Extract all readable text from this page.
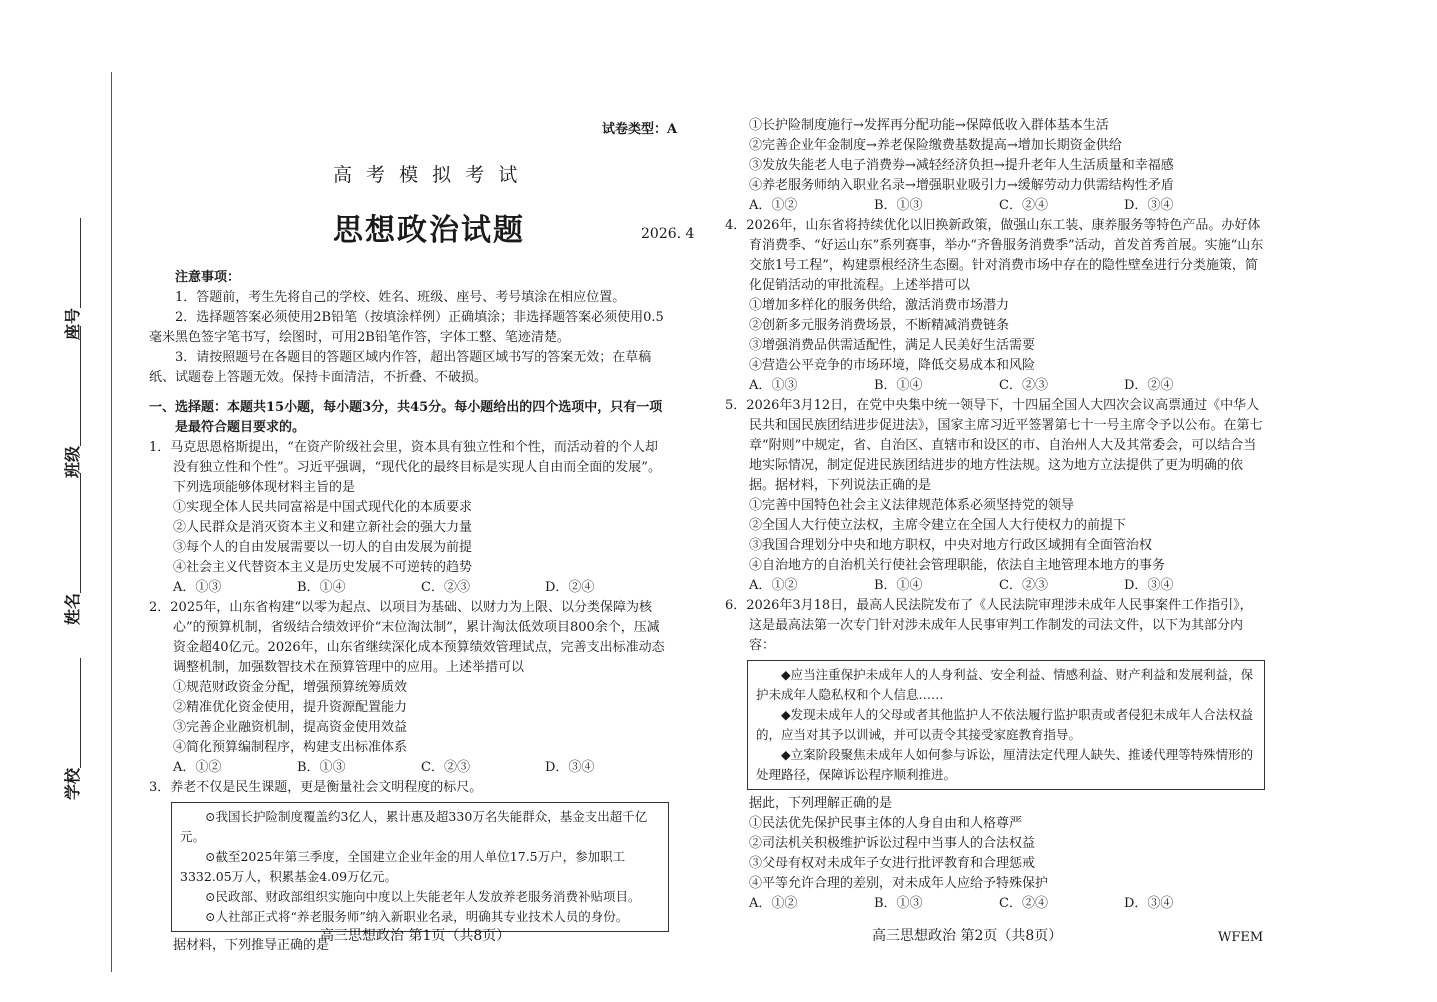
学校
姓名
班级
座号
试卷类型：A
高 考 模 拟 考 试
思想政治试题	2026. 4

注意事项：

1．答题前，考生先将自己的学校、姓名、班级、座号、考号填涂在相应位置。

2．选择题答案必须使用2B铅笔（按填涂样例）正确填涂；非选择题答案必须使用0.5毫米黑色签字笔书写，绘图时，可用2B铅笔作答，字体工整、笔迹清楚。

3．请按照题号在各题目的答题区域内作答，超出答题区域书写的答案无效；在草稿纸、试题卷上答题无效。保持卡面清洁，不折叠、不破损。

一、选择题：本题共15小题，每小题3分，共45分。每小题给出的四个选项中，只有一项是最符合题目要求的。

1．马克思恩格斯提出，“在资产阶级社会里，资本具有独立性和个性，而活动着的个人却没有独立性和个性”。习近平强调，“现代化的最终目标是实现人自由而全面的发展”。下列选项能够体现材料主旨的是

①实现全体人民共同富裕是中国式现代化的本质要求

②人民群众是消灭资本主义和建立新社会的强大力量

③每个人的自由发展需要以一切人的自由发展为前提

④社会主义代替资本主义是历史发展不可逆转的趋势

A．①③	B．①④	C．②③	D．②④

2．2025年，山东省构建“以零为起点、以项目为基础、以财力为上限、以分类保障为核心”的预算机制，省级结合绩效评价“末位淘汰制”，累计淘汰低效项目800余个，压减资金超40亿元。2026年，山东省继续深化成本预算绩效管理试点，完善支出标准动态调整机制，加强数智技术在预算管理中的应用。上述举措可以

①规范财政资金分配，增强预算统筹质效

②精准优化资金使用，提升资源配置能力

③完善企业融资机制，提高资金使用效益

④简化预算编制程序，构建支出标准体系

A．①②	B．①③	C．②③	D．③④

3．养老不仅是民生课题，更是衡量社会文明程度的标尺。

⊙我国长护险制度覆盖约3亿人，累计惠及超330万名失能群众，基金支出超千亿元。

⊙截至2025年第三季度，全国建立企业年金的用人单位17.5万户，参加职工3332.05万人，积累基金4.09万亿元。

⊙民政部、财政部组织实施向中度以上失能老年人发放养老服务消费补贴项目。

⊙人社部正式将“养老服务师”纳入新职业名录，明确其专业技术人员的身份。

据材料，下列推导正确的是

高三思想政治 第1页（共8页）

①长护险制度施行→发挥再分配功能→保障低收入群体基本生活

②完善企业年金制度→养老保险缴费基数提高→增加长期资金供给

③发放失能老人电子消费券→减轻经济负担→提升老年人生活质量和幸福感

④养老服务师纳入职业名录→增强职业吸引力→缓解劳动力供需结构性矛盾

A．①②	B．①③	C．②④	D．③④

4．2026年，山东省将持续优化以旧换新政策，做强山东工装、康养服务等特色产品。办好体育消费季、“好运山东”系列赛事，举办“齐鲁服务消费季”活动，首发首秀首展。实施“山东交旅1号工程”，构建票根经济生态圈。针对消费市场中存在的隐性壁垒进行分类施策，简化促销活动的审批流程。上述举措可以

①增加多样化的服务供给，激活消费市场潜力

②创新多元服务消费场景，不断精减消费链条

③增强消费品供需适配性，满足人民美好生活需要

④营造公平竞争的市场环境，降低交易成本和风险

A．①③	B．①④	C．②③	D．②④

5．2026年3月12日，在党中央集中统一领导下，十四届全国人大四次会议高票通过《中华人民共和国民族团结进步促进法》，国家主席习近平签署第七十一号主席令予以公布。在第七章“附则”中规定，省、自治区、直辖市和设区的市、自治州人大及其常委会，可以结合当地实际情况，制定促进民族团结进步的地方性法规。这为地方立法提供了更为明确的依据。据材料，下列说法正确的是

①完善中国特色社会主义法律规范体系必须坚持党的领导

②全国人大行使立法权，主席令建立在全国人大行使权力的前提下

③我国合理划分中央和地方职权，中央对地方行政区域拥有全面管治权

④自治地方的自治机关行使社会管理职能，依法自主地管理本地方的事务

A．①②	B．①④	C．②③	D．③④

6．2026年3月18日，最高人民法院发布了《人民法院审理涉未成年人民事案件工作指引》，这是最高法第一次专门针对涉未成年人民事审判工作制发的司法文件，以下为其部分内容：

◆应当注重保护未成年人的人身利益、安全利益、情感利益、财产利益和发展利益，保护未成年人隐私权和个人信息……

◆发现未成年人的父母或者其他监护人不依法履行监护职责或者侵犯未成年人合法权益的，应当对其予以训诫，并可以责令其接受家庭教育指导。

◆立案阶段聚焦未成年人如何参与诉讼，厘清法定代理人缺失、推诿代理等特殊情形的处理路径，保障诉讼程序顺利推进。

据此，下列理解正确的是

①民法优先保护民事主体的人身自由和人格尊严

②司法机关积极维护诉讼过程中当事人的合法权益

③父母有权对未成年子女进行批评教育和合理惩戒

④平等允许合理的差别，对未成年人应给予特殊保护

A．①②	B．①③	C．②④	D．③④
高三思想政治 第2页（共8页）	WFEM
